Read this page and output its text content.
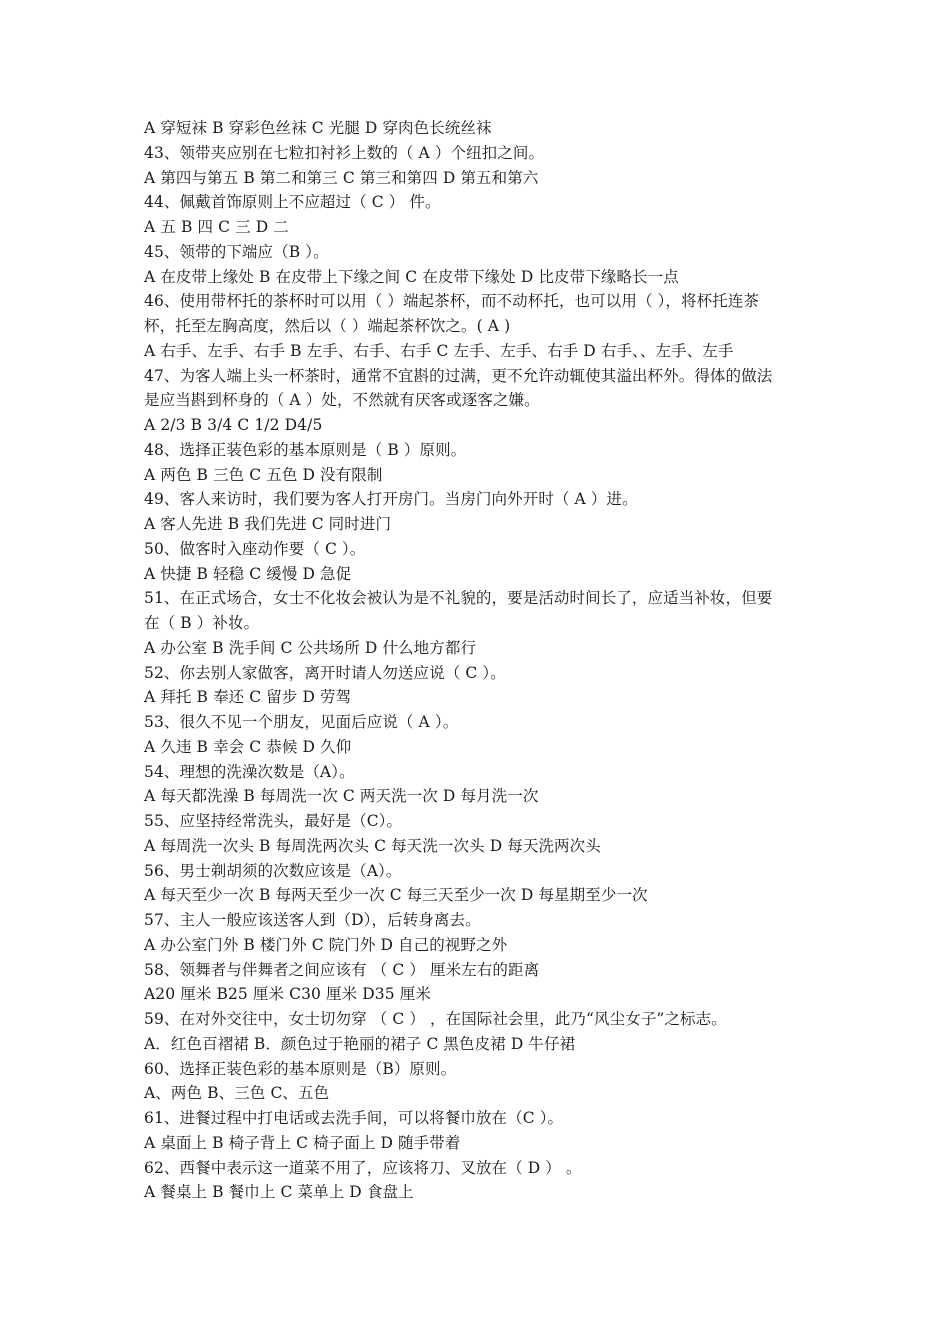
A 穿短袜 B 穿彩色丝袜 C 光腿 D 穿肉色长统丝袜
43、领带夹应别在七粒扣衬衫上数的（ A ）个纽扣之间。
A 第四与第五 B 第二和第三 C 第三和第四 D 第五和第六
44、佩戴首饰原则上不应超过（ C ） 件。
A 五 B 四 C 三 D 二
45、领带的下端应（B ）。
A 在皮带上缘处 B 在皮带上下缘之间 C 在皮带下缘处 D 比皮带下缘略长一点
46、使用带杯托的茶杯时可以用（ ）端起茶杯，而不动杯托，也可以用（ ），将杯托连茶
杯，托至左胸高度，然后以（ ）端起茶杯饮之。( A )
A 右手、左手、右手 B 左手、右手、右手 C 左手、左手、右手 D 右手、、左手、左手
47、为客人端上头一杯茶时，通常不宜斟的过满，更不允许动辄使其溢出杯外。得体的做法
是应当斟到杯身的（ A ）处，不然就有厌客或逐客之嫌。
A 2/3 B 3/4 C 1/2 D4/5
48、选择正装色彩的基本原则是（ B ）原则。
A 两色 B 三色 C 五色 D 没有限制
49、客人来访时，我们要为客人打开房门。当房门向外开时（ A ）进。
A 客人先进 B 我们先进 C 同时进门
50、做客时入座动作要（ C ）。
A 快捷 B 轻稳 C 缓慢 D 急促
51、在正式场合，女士不化妆会被认为是不礼貌的，要是活动时间长了，应适当补妆，但要
在（ B ）补妆。
A 办公室 B 洗手间 C 公共场所 D 什么地方都行
52、你去别人家做客，离开时请人勿送应说（ C ）。
A 拜托 B 奉还 C 留步 D 劳驾
53、很久不见一个朋友，见面后应说（ A ）。
A 久违 B 幸会 C 恭候 D 久仰
54、理想的洗澡次数是（A）。
A 每天都洗澡 B 每周洗一次 C 两天洗一次 D 每月洗一次
55、应坚持经常洗头，最好是（C）。
A 每周洗一次头 B 每周洗两次头 C 每天洗一次头 D 每天洗两次头
56、男士剃胡须的次数应该是（A）。
A 每天至少一次 B 每两天至少一次 C 每三天至少一次 D 每星期至少一次
57、主人一般应该送客人到（D），后转身离去。
A 办公室门外 B 楼门外 C 院门外 D 自己的视野之外
58、领舞者与伴舞者之间应该有 （ C ） 厘米左右的距离
A20 厘米 B25 厘米 C30 厘米 D35 厘米
59、在对外交往中，女士切勿穿 （ C ） ，在国际社会里，此乃“风尘女子”之标志。
A．红色百褶裙 B．颜色过于艳丽的裙子 C 黑色皮裙 D 牛仔裙
60、选择正装色彩的基本原则是（B）原则。
A、两色 B、三色 C、五色
61、进餐过程中打电话或去洗手间，可以将餐巾放在（C ）。
A 桌面上 B 椅子背上 C 椅子面上 D 随手带着
62、西餐中表示这一道菜不用了，应该将刀、叉放在（ D ） 。
A 餐桌上 B 餐巾上 C 菜单上 D 食盘上
